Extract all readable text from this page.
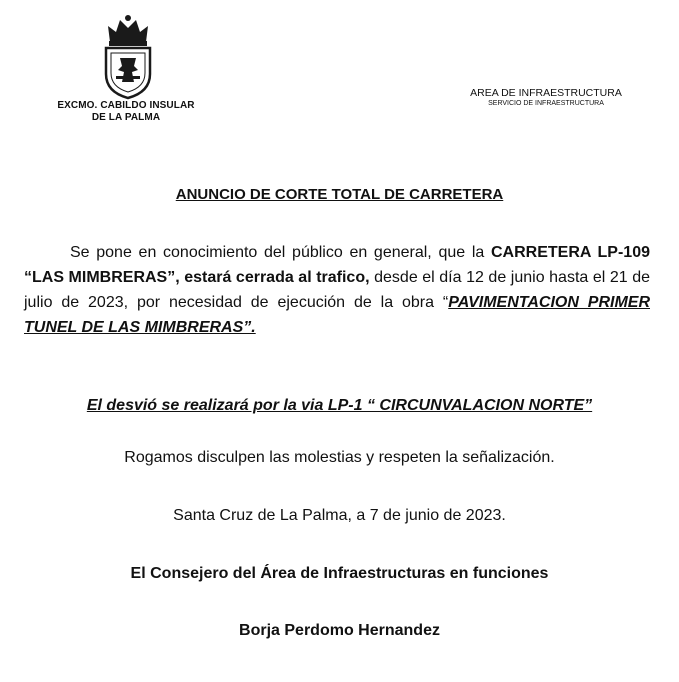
EXCMO. CABILDO INSULAR
DE LA PALMA
AREA DE INFRAESTRUCTURA
SERVICIO DE INFRAESTRUCTURA
ANUNCIO DE CORTE TOTAL DE CARRETERA
Se pone en conocimiento del público en general, que la CARRETERA LP-109 “LAS MIMBRERAS”, estará cerrada al trafico, desde el día 12 de junio hasta el 21 de julio de 2023, por necesidad de ejecución de la obra “PAVIMENTACION PRIMER TUNEL DE LAS MIMBRERAS”.
El desvió se realizará por la via LP-1 “ CIRCUNVALACION NORTE”
Rogamos disculpen las molestias y respeten la señalización.
Santa Cruz de La Palma, a 7 de junio de 2023.
El Consejero del Área de Infraestructuras en funciones
Borja Perdomo Hernandez
